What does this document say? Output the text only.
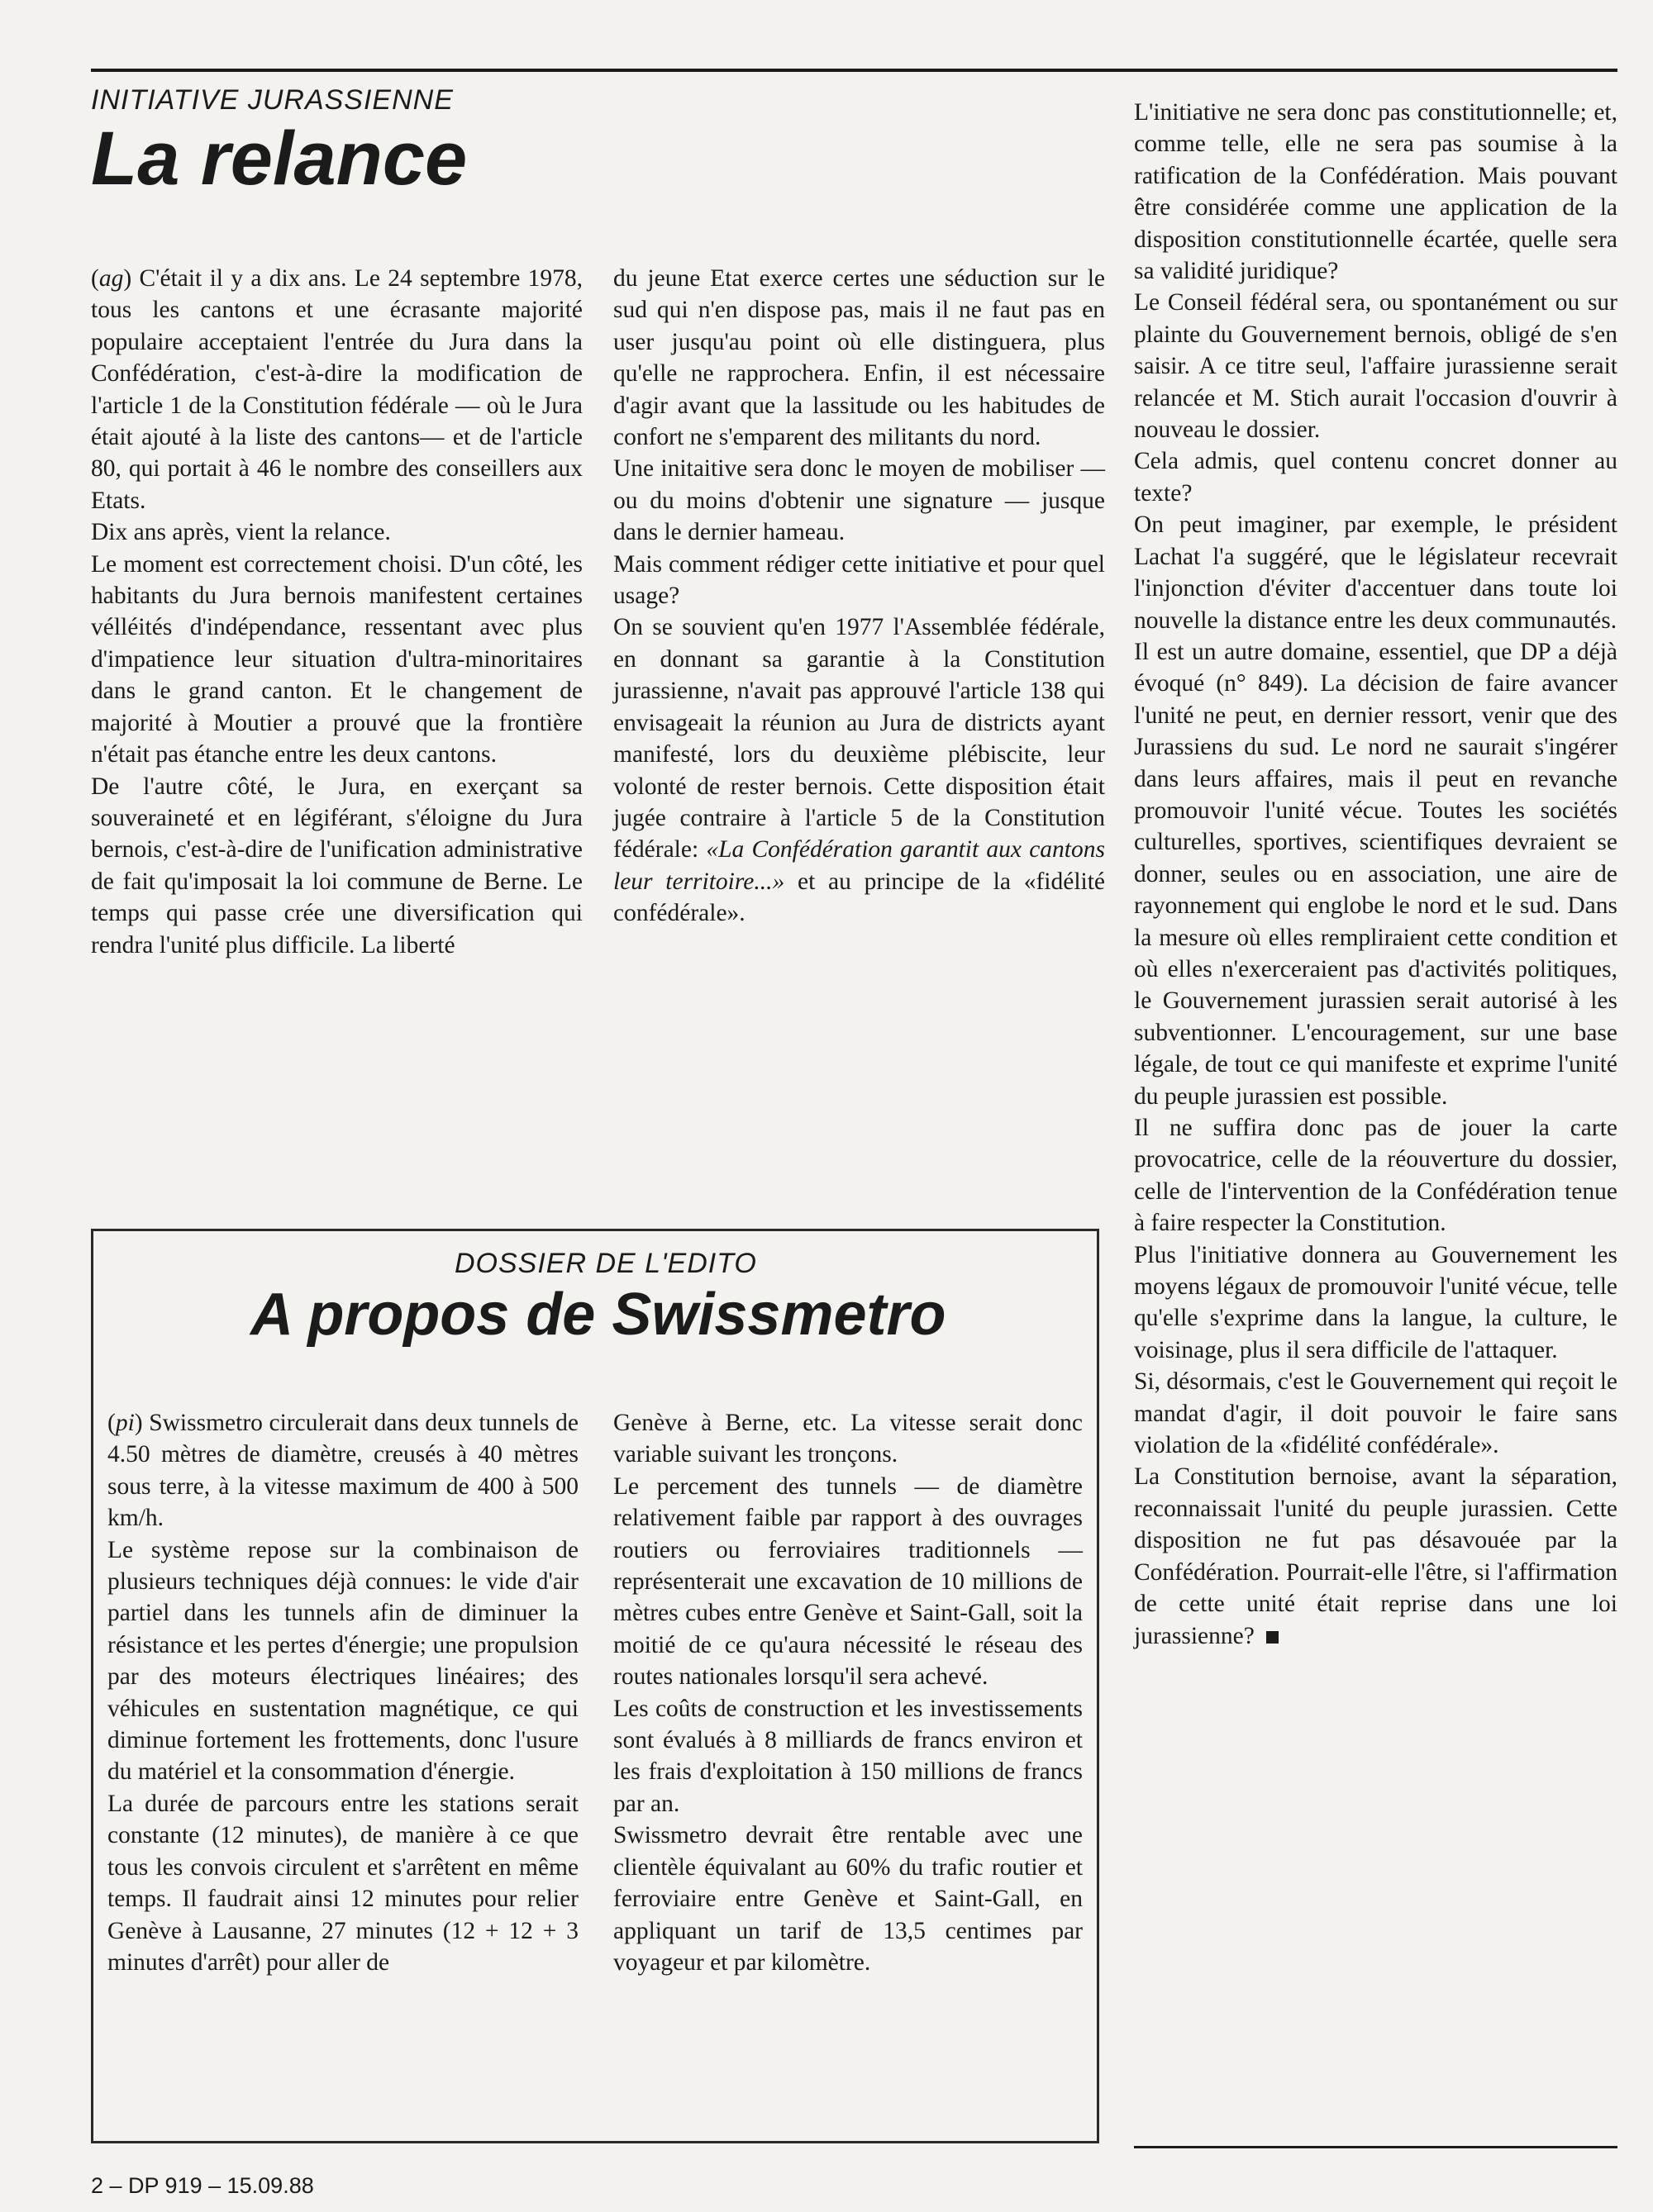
INITIATIVE JURASSIENNE
La relance

(ag) C'était il y a dix ans. Le 24 septembre 1978, tous les cantons et une écrasante majorité populaire acceptaient l'entrée du Jura dans la Confédération, c'est-à-dire la modification de l'article 1 de la Constitution fédérale — où le Jura était ajouté à la liste des cantons— et de l'article 80, qui portait à 46 le nombre des conseillers aux Etats.

Dix ans après, vient la relance.

Le moment est correctement choisi. D'un côté, les habitants du Jura bernois manifestent certaines vélléités d'indépendance, ressentant avec plus d'impatience leur situation d'ultra-minoritaires dans le grand canton. Et le changement de majorité à Moutier a prouvé que la frontière n'était pas étanche entre les deux cantons.

De l'autre côté, le Jura, en exerçant sa souveraineté et en légiférant, s'éloigne du Jura bernois, c'est-à-dire de l'unification administrative de fait qu'imposait la loi commune de Berne. Le temps qui passe crée une diversification qui rendra l'unité plus difficile. La liberté

du jeune Etat exerce certes une séduction sur le sud qui n'en dispose pas, mais il ne faut pas en user jusqu'au point où elle distinguera, plus qu'elle ne rapprochera. Enfin, il est nécessaire d'agir avant que la lassitude ou les habitudes de confort ne s'emparent des militants du nord.

Une initaitive sera donc le moyen de mobiliser — ou du moins d'obtenir une signature — jusque dans le dernier hameau.

Mais comment rédiger cette initiative et pour quel usage?

On se souvient qu'en 1977 l'Assemblée fédérale, en donnant sa garantie à la Constitution jurassienne, n'avait pas approuvé l'article 138 qui envisageait la réunion au Jura de districts ayant manifesté, lors du deuxième plébiscite, leur volonté de rester bernois. Cette disposition était jugée contraire à l'article 5 de la Constitution fédérale: «La Confédération garantit aux cantons leur territoire...» et au principe de la «fidélité confédérale».

L'initiative ne sera donc pas constitutionnelle; et, comme telle, elle ne sera pas soumise à la ratification de la Confédération. Mais pouvant être considérée comme une application de la disposition constitutionnelle écartée, quelle sera sa validité juridique?

Le Conseil fédéral sera, ou spontanément ou sur plainte du Gouvernement bernois, obligé de s'en saisir. A ce titre seul, l'affaire jurassienne serait relancée et M. Stich aurait l'occasion d'ouvrir à nouveau le dossier.

Cela admis, quel contenu concret donner au texte?

On peut imaginer, par exemple, le président Lachat l'a suggéré, que le législateur recevrait l'injonction d'éviter d'accentuer dans toute loi nouvelle la distance entre les deux communautés.

Il est un autre domaine, essentiel, que DP a déjà évoqué (n° 849). La décision de faire avancer l'unité ne peut, en dernier ressort, venir que des Jurassiens du sud. Le nord ne saurait s'ingérer dans leurs affaires, mais il peut en revanche promouvoir l'unité vécue. Toutes les sociétés culturelles, sportives, scientifiques devraient se donner, seules ou en association, une aire de rayonnement qui englobe le nord et le sud. Dans la mesure où elles rempliraient cette condition et où elles n'exerceraient pas d'activités politiques, le Gouvernement jurassien serait autorisé à les subventionner. L'encouragement, sur une base légale, de tout ce qui manifeste et exprime l'unité du peuple jurassien est possible.

Il ne suffira donc pas de jouer la carte provocatrice, celle de la réouverture du dossier, celle de l'intervention de la Confédération tenue à faire respecter la Constitution.

Plus l'initiative donnera au Gouvernement les moyens légaux de promouvoir l'unité vécue, telle qu'elle s'exprime dans la langue, la culture, le voisinage, plus il sera difficile de l'attaquer.

Si, désormais, c'est le Gouvernement qui reçoit le mandat d'agir, il doit pouvoir le faire sans violation de la «fidélité confédérale».

La Constitution bernoise, avant la séparation, reconnaissait l'unité du peuple jurassien. Cette disposition ne fut pas désavouée par la Confédération. Pourrait-elle l'être, si l'affirmation de cette unité était reprise dans une loi jurassienne?

DOSSIER DE L'EDITO
A propos de Swissmetro

(pi) Swissmetro circulerait dans deux tunnels de 4.50 mètres de diamètre, creusés à 40 mètres sous terre, à la vitesse maximum de 400 à 500 km/h.

Le système repose sur la combinaison de plusieurs techniques déjà connues: le vide d'air partiel dans les tunnels afin de diminuer la résistance et les pertes d'énergie; une propulsion par des moteurs électriques linéaires; des véhicules en sustentation magnétique, ce qui diminue fortement les frottements, donc l'usure du matériel et la consommation d'énergie.

La durée de parcours entre les stations serait constante (12 minutes), de manière à ce que tous les convois circulent et s'arrêtent en même temps. Il faudrait ainsi 12 minutes pour relier Genève à Lausanne, 27 minutes (12 + 12 + 3 minutes d'arrêt) pour aller de

Genève à Berne, etc. La vitesse serait donc variable suivant les tronçons.

Le percement des tunnels — de diamètre relativement faible par rapport à des ouvrages routiers ou ferroviaires traditionnels — représenterait une excavation de 10 millions de mètres cubes entre Genève et Saint-Gall, soit la moitié de ce qu'aura nécessité le réseau des routes nationales lorsqu'il sera achevé.

Les coûts de construction et les investissements sont évalués à 8 milliards de francs environ et les frais d'exploitation à 150 millions de francs par an.

Swissmetro devrait être rentable avec une clientèle équivalant au 60% du trafic routier et ferroviaire entre Genève et Saint-Gall, en appliquant un tarif de 13,5 centimes par voyageur et par kilomètre.

2 – DP 919 – 15.09.88
